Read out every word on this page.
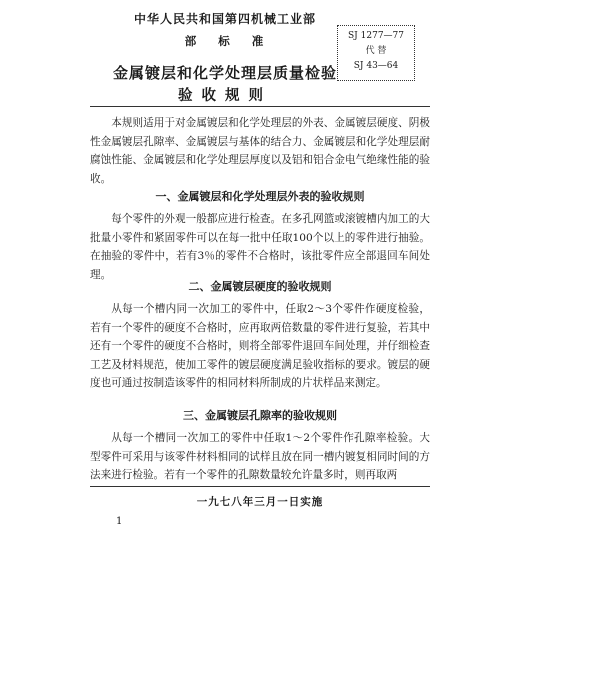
中华人民共和国第四机械工业部
部 标 准
金属镀层和化学处理层质量检验
验收规则
SJ 1277—77
代 替
SJ 43—64

本规则适用于对金属镀层和化学处理层的外表、金属镀层硬度、阴极性金属镀层孔隙率、金属镀层与基体的结合力、金属镀层和化学处理层耐腐蚀性能、金属镀层和化学处理层厚度以及铝和铝合金电气绝缘性能的验收。

一、金属镀层和化学处理层外表的验收规则

每个零件的外观一般都应进行检查。在多孔网篮或滚镀槽内加工的大批量小零件和紧固零件可以在每一批中任取100个以上的零件进行抽验。在抽验的零件中，若有3％的零件不合格时，该批零件应全部退回车间处理。

二、金属镀层硬度的验收规则

从每一个槽内同一次加工的零件中，任取2～3个零件作硬度检验，若有一个零件的硬度不合格时，应再取两倍数量的零件进行复验，若其中还有一个零件的硬度不合格时，则将全部零件退回车间处理，并仔细检查工艺及材料规范，使加工零件的镀层硬度满足验收指标的要求。镀层的硬度也可通过按制造该零件的相同材料所制成的片状样品来测定。

三、金属镀层孔隙率的验收规则

从每一个槽同一次加工的零件中任取1～2个零件作孔隙率检验。大型零件可采用与该零件材料相同的试样且放在同一槽内镀复相同时间的方法来进行检验。若有一个零件的孔隙数量较允许量多时，则再取两

一九七八年三月一日实施
1
